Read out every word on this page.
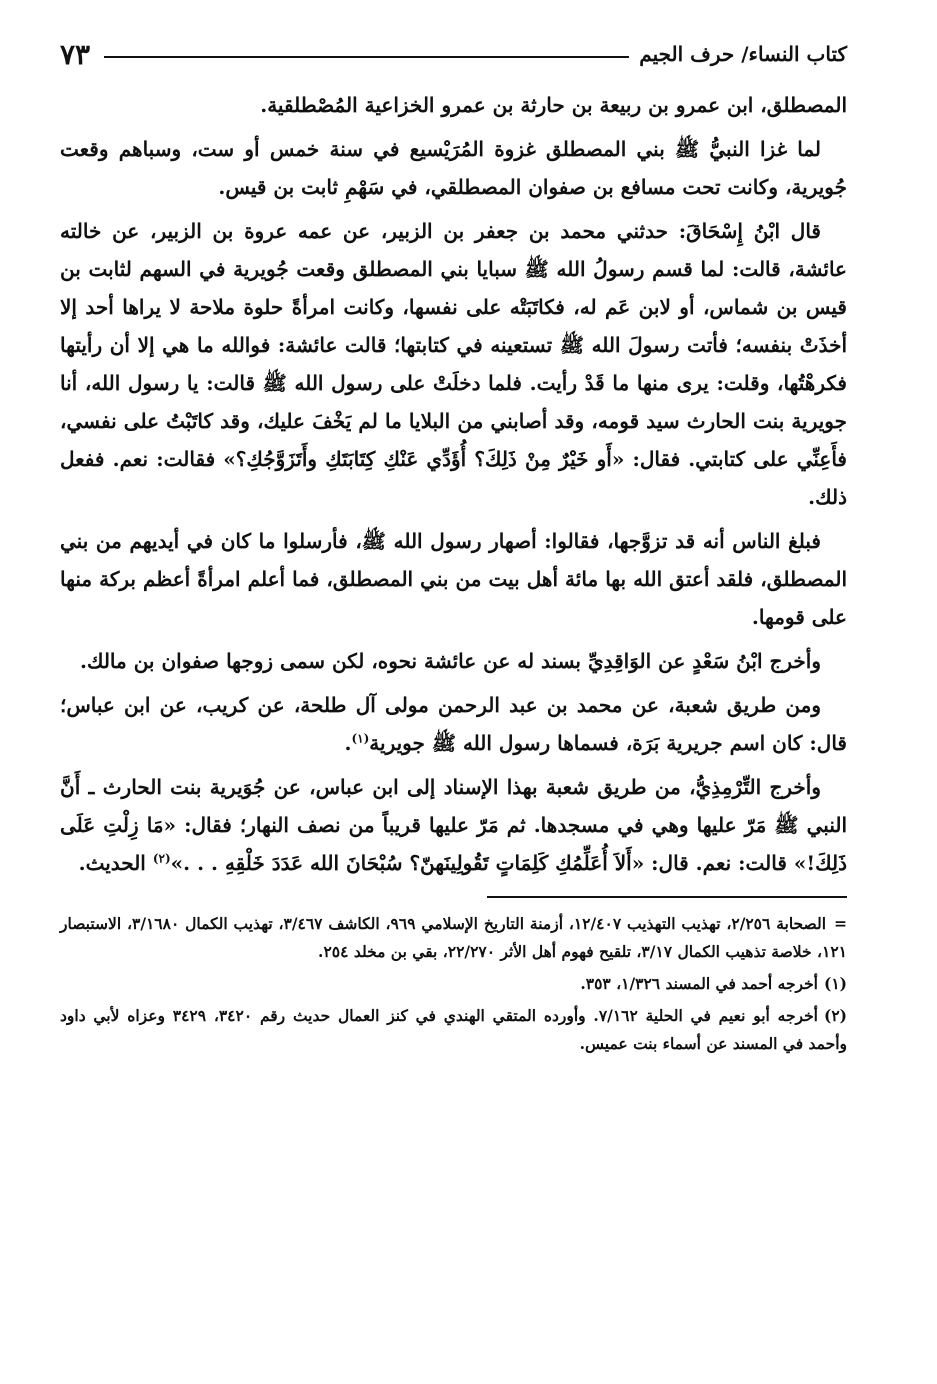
كتاب النساء/ حرف الجيم
٧٣

المصطلق، ابن عمرو بن ربيعة بن حارثة بن عمرو الخزاعية المُصْطلقية.

لما غزا النبيُّ ﷺ بني المصطلق غزوة المُرَيْسيع في سنة خمس أو ست، وسباهم وقعت جُويرية، وكانت تحت مسافع بن صفوان المصطلقي، في سَهْمِ ثابت بن قيس.

قال ابْنُ إِسْحَاقَ: حدثني محمد بن جعفر بن الزبير، عن عمه عروة بن الزبير، عن خالته عائشة، قالت: لما قسم رسولُ الله ﷺ سبايا بني المصطلق وقعت جُويرية في السهم لثابت بن قيس بن شماس، أو لابن عَم له، فكاتَبَتْه على نفسها، وكانت امرأةً حلوة ملاحة لا يراها أحد إلا أخذَتْ بنفسه؛ فأتت رسولَ الله ﷺ تستعينه في كتابتها؛ قالت عائشة: فوالله ما هي إلا أن رأيتها فكرهْتُها، وقلت: يرى منها ما قَدْ رأيت. فلما دخلَتْ على رسول الله ﷺ قالت: يا رسول الله، أنا جويرية بنت الحارث سيد قومه، وقد أصابني من البلايا ما لم يَخْفَ عليك، وقد كاتَبْتُ على نفسي، فأَعِنِّي على كتابتي. فقال: «أَو خَيْرٌ مِنْ ذَلِكَ؟ أُؤَدِّي عَنْكِ كِتَابَتَكِ وأَتَزَوَّجُكِ؟» فقالت: نعم. ففعل ذلك.

فبلغ الناس أنه قد تزوَّجها، فقالوا: أصهار رسول الله ﷺ، فأرسلوا ما كان في أيديهم من بني المصطلق، فلقد أعتق الله بها مائة أهل بيت من بني المصطلق، فما أعلم امرأةً أعظم بركة منها على قومها.

وأخرج ابْنُ سَعْدٍ عن الوَاقِدِيِّ بسند له عن عائشة نحوه، لكن سمى زوجها صفوان بن مالك.

ومن طريق شعبة، عن محمد بن عبد الرحمن مولى آل طلحة، عن كريب، عن ابن عباس؛ قال: كان اسم جريرية بَرَة، فسماها رسول الله ﷺ جويرية$^{(١)}$.

وأخرج التِّرْمِذِيُّ، من طريق شعبة بهذا الإسناد إلى ابن عباس، عن جُوَيرية بنت الحارث ـ أَنَّ النبي ﷺ مَرّ عليها وهي في مسجدها. ثم مَرّ عليها قريباً من نصف النهار؛ فقال: «مَا زِلْتِ عَلَى ذَلِكَ!» قالت: نعم. قال: «أَلاَ أُعَلِّمُكِ كَلِمَاتٍ تَقُولِينَهنّ؟ سُبْحَانَ الله عَدَدَ خَلْقِهِ . . .»$^{(٢)}$ الحديث.

=الصحابة ٢/٢٥٦، تهذيب التهذيب ١٢/٤٠٧، أزمنة التاريخ الإسلامي ٩٦٩، الكاشف ٣/٤٦٧، تهذيب الكمال ٣/١٦٨٠، الاستبصار ١٢١، خلاصة تذهيب الكمال ٣/١٧، تلقيح فهوم أهل الأثر ٢٢/٢٧٠، بقي بن مخلد ٢٥٤.

(١)أخرجه أحمد في المسند ١/٣٢٦، ٣٥٣.

(٢)أخرجه أبو نعيم في الحلية ٧/١٦٢. وأورده المتقي الهندي في كنز العمال حديث رقم ٣٤٢٠، ٣٤٢٩ وعزاه لأبي داود وأحمد في المسند عن أسماء بنت عميس.
